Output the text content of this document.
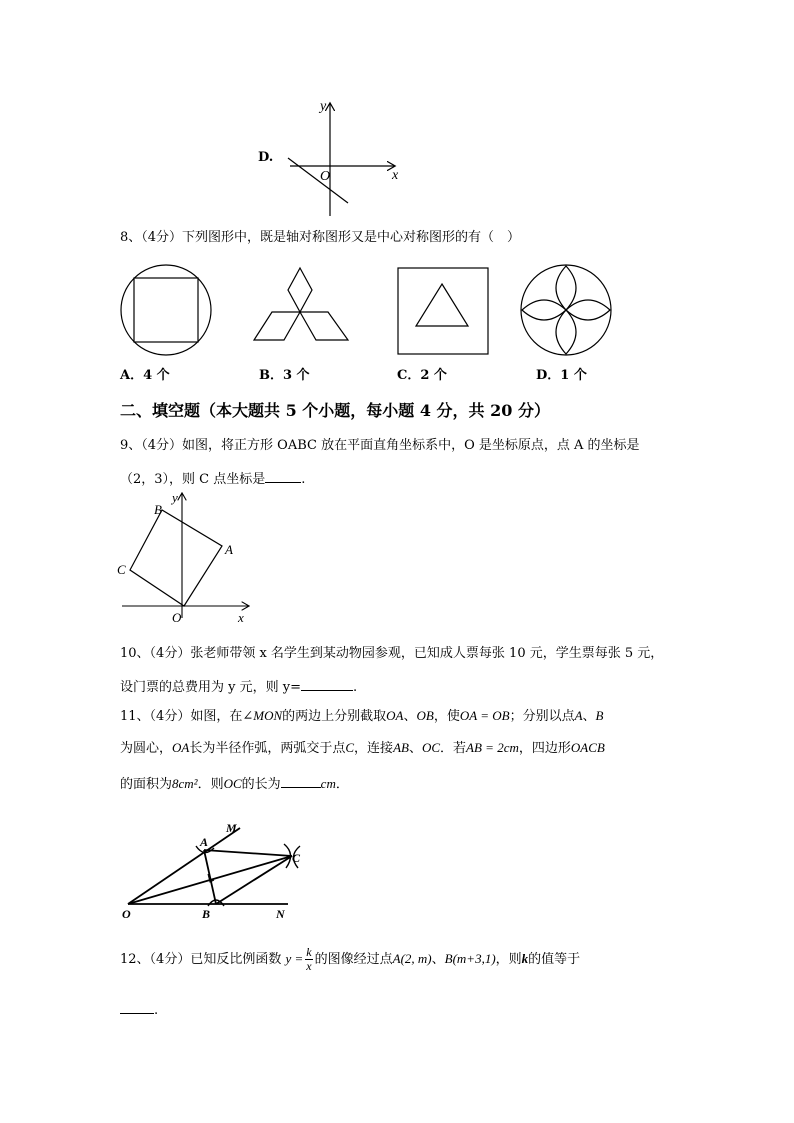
D.
y
x
O
8、（4分）下列图形中，既是轴对称图形又是中心对称图形的有（　）
A．4 个	B．3 个	C．2 个	D．1 个
二、填空题（本大题共 5 个小题，每小题 4 分，共 20 分）
9、（4分）如图，将正方形 OABC 放在平面直角坐标系中，O 是坐标原点，点 A 的坐标是
（2，3），则 C 点坐标是	.
y
B
A
C
O	x
10、（4分）张老师带领 x 名学生到某动物园参观，已知成人票每张 10 元，学生票每张 5 元，
设门票的总费用为 y 元，则 y=	.
11、（4分）如图，在∠MON的两边上分别截取OA、OB，使OA = OB；分别以点A、B
为圆心，OA长为半径作弧，两弧交于点C，连接AB、OC．若AB = 2cm，四边形OACB
的面积为8cm²．则OC的长为	cm．
M
A
C
O	B	N
12、（4分）已知反比例函数 $y = \frac{k}{x}$ 的图像经过点A(2, m)、B(m+3,1)，则k的值等于
.
